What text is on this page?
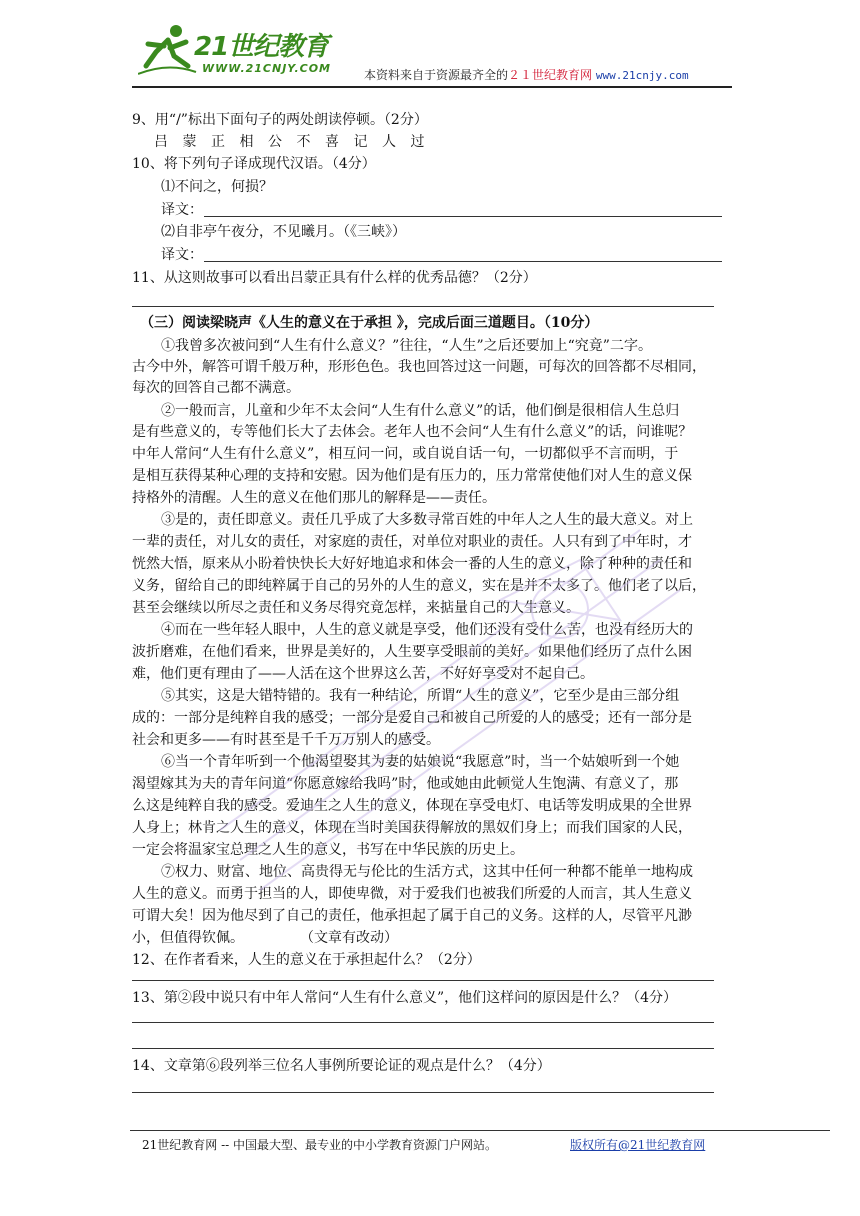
21世纪教育
WWW.21CNJY.COM	本资料来自于资源最齐全的２１世纪教育网 www.21cnjy.com
9、用“/”标出下面句子的两处朗读停顿。（2分）
吕蒙正相公不喜记人过
10、将下列句子译成现代汉语。（4分）
⑴不问之，何损？
译文：
⑵自非亭午夜分，不见曦月。（《三峡》）
译文：
11、从这则故事可以看出吕蒙正具有什么样的优秀品德？（2分）
（三）阅读梁晓声《人生的意义在于承担 》，完成后面三道题目。（10分）
①我曾多次被问到“人生有什么意义？”往往，“人生”之后还要加上“究竟”二字。
古今中外，解答可谓千般万种，形形色色。我也回答过这一问题，可每次的回答都不尽相同，
每次的回答自己都不满意。
②一般而言，儿童和少年不太会问“人生有什么意义”的话，他们倒是很相信人生总归
是有些意义的，专等他们长大了去体会。老年人也不会问“人生有什么意义”的话，问谁呢？
中年人常问“人生有什么意义”，相互问一问，或自说自话一句，一切都似乎不言而明，于
是相互获得某种心理的支持和安慰。因为他们是有压力的，压力常常使他们对人生的意义保
持格外的清醒。人生的意义在他们那儿的解释是——责任。
③是的，责任即意义。责任几乎成了大多数寻常百姓的中年人之人生的最大意义。对上
一辈的责任，对儿女的责任，对家庭的责任，对单位对职业的责任。人只有到了中年时，才
恍然大悟，原来从小盼着快快长大好好地追求和体会一番的人生的意义，除了种种的责任和
义务，留给自己的即纯粹属于自己的另外的人生的意义，实在是并不太多了。他们老了以后，
甚至会继续以所尽之责任和义务尽得究竟怎样，来掂量自己的人生意义。
④而在一些年轻人眼中，人生的意义就是享受，他们还没有受什么苦，也没有经历大的
波折磨难，在他们看来，世界是美好的，人生要享受眼前的美好。如果他们经历了点什么困
难，他们更有理由了——人活在这个世界这么苦，不好好享受对不起自己。
⑤其实，这是大错特错的。我有一种结论，所谓“人生的意义”，它至少是由三部分组
成的：一部分是纯粹自我的感受；一部分是爱自己和被自己所爱的人的感受；还有一部分是
社会和更多——有时甚至是千千万万别人的感受。
⑥当一个青年听到一个他渴望娶其为妻的姑娘说“我愿意”时，当一个姑娘听到一个她
渴望嫁其为夫的青年问道“你愿意嫁给我吗”时，他或她由此顿觉人生饱满、有意义了，那
么这是纯粹自我的感受。爱迪生之人生的意义，体现在享受电灯、电话等发明成果的全世界
人身上；林肯之人生的意义，体现在当时美国获得解放的黑奴们身上；而我们国家的人民，
一定会将温家宝总理之人生的意义，书写在中华民族的历史上。
⑦权力、财富、地位、高贵得无与伦比的生活方式，这其中任何一种都不能单一地构成
人生的意义。而勇于担当的人，即使卑微，对于爱我们也被我们所爱的人而言，其人生意义
可谓大矣！因为他尽到了自己的责任，他承担起了属于自己的义务。这样的人，尽管平凡渺
小，但值得钦佩。　　　　　（文章有改动）
12、在作者看来，人生的意义在于承担起什么？（2分）
13、第②段中说只有中年人常问“人生有什么意义”，他们这样问的原因是什么？（4分）
14、文章第⑥段列举三位名人事例所要论证的观点是什么？（4分）
21世纪教育网 -- 中国最大型、最专业的中小学教育资源门户网站。	版权所有@21世纪教育网
